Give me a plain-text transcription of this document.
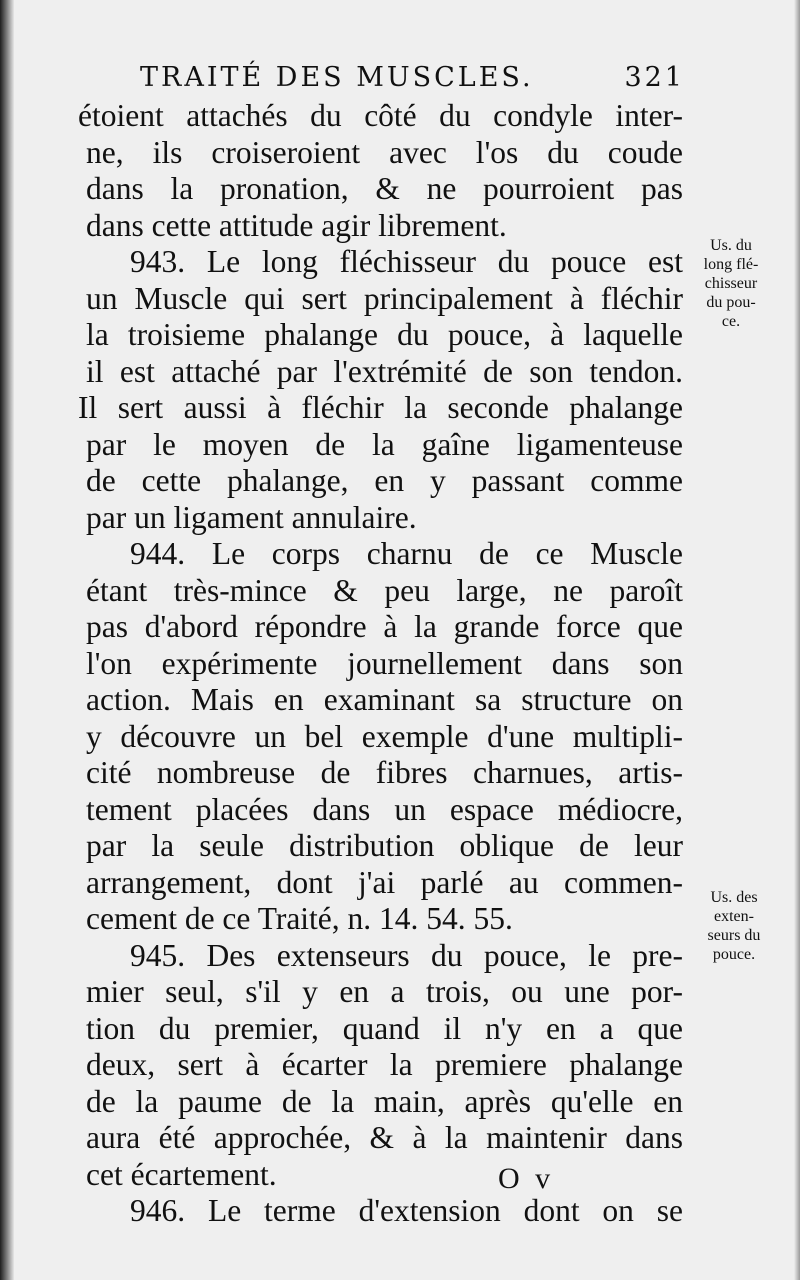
TRAITÉ DES MUSCLES.	321
étoient attachés du côté du condyle inter-
ne, ils croiseroient avec l'os du coude
dans la pronation, & ne pourroient pas
dans cette attitude agir librement.
943. Le long fléchisseur du pouce est
un Muscle qui sert principalement à fléchir
la troisieme phalange du pouce, à laquelle
il est attaché par l'extrémité de son tendon.
Il sert aussi à fléchir la seconde phalange
par le moyen de la gaîne ligamenteuse
de cette phalange, en y passant comme
par un ligament annulaire.
944. Le corps charnu de ce Muscle
étant très-mince & peu large, ne paroît
pas d'abord répondre à la grande force que
l'on expérimente journellement dans son
action. Mais en examinant sa structure on
y découvre un bel exemple d'une multipli-
cité nombreuse de fibres charnues, artis-
tement placées dans un espace médiocre,
par la seule distribution oblique de leur
arrangement, dont j'ai parlé au commen-
cement de ce Traité, n. 14. 54. 55.
945. Des extenseurs du pouce, le pre-
mier seul, s'il y en a trois, ou une por-
tion du premier, quand il n'y en a que
deux, sert à écarter la premiere phalange
de la paume de la main, après qu'elle en
aura été approchée, & à la maintenir dans
cet écartement.
946. Le terme d'extension dont on se
Us. du
long flé-
chisseur
du pou-
ce.
Us. des
exten-
seurs du
pouce.
O v
